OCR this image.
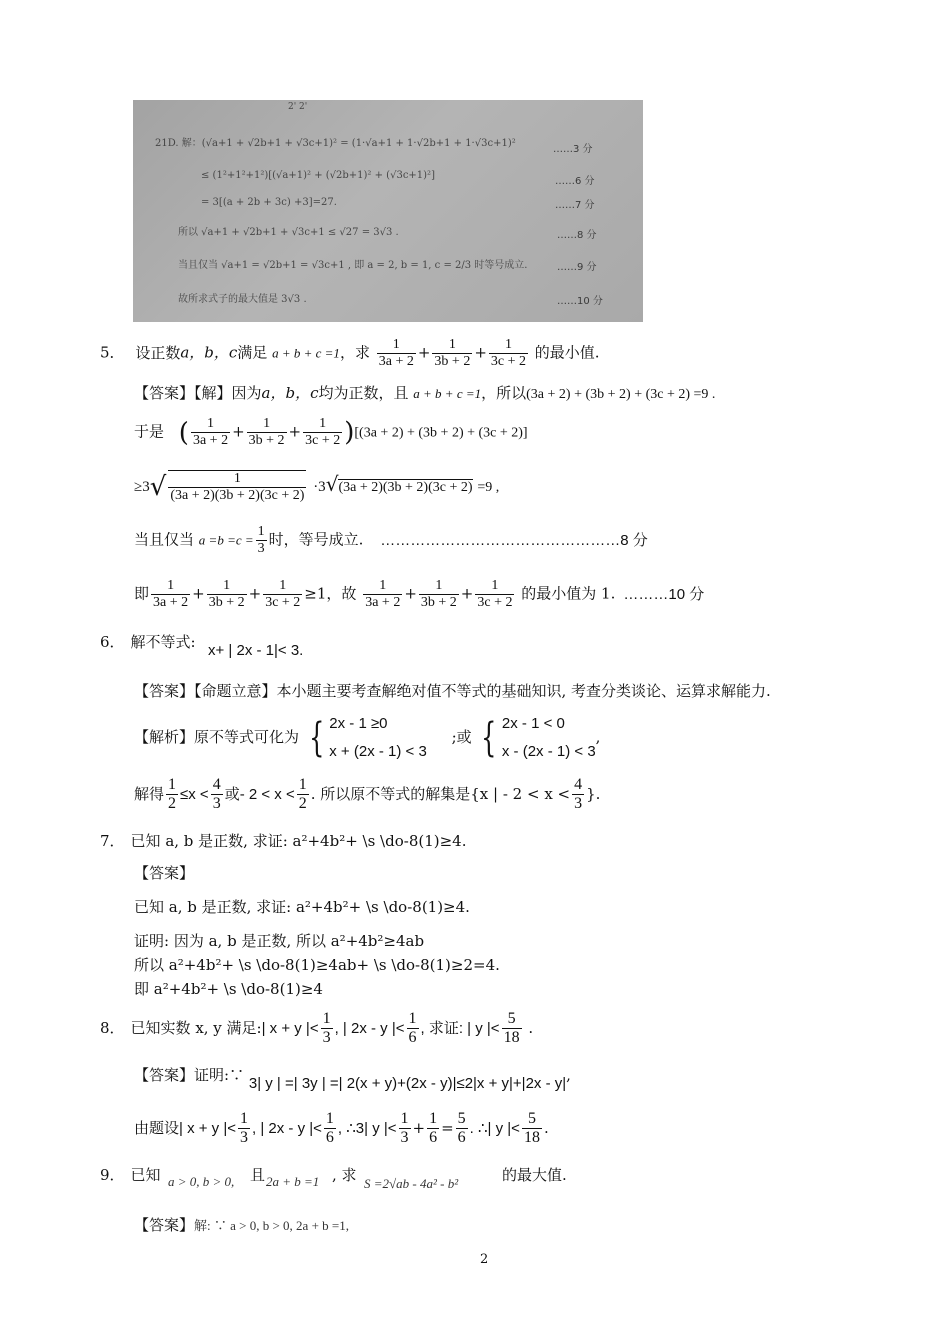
2' 2'
21D. 解：(√a+1 + √2b+1 + √3c+1)² = (1·√a+1 + 1·√2b+1 + 1·√3c+1)²
≤ (1²+1²+1²)[(√a+1)² + (√2b+1)² + (√3c+1)²]
= 3[(a + 2b + 3c) +3]=27.
所以 √a+1 + √2b+1 + √3c+1 ≤ √27 = 3√3 .
当且仅当 √a+1 = √2b+1 = √3c+1 , 即 a = 2, b = 1, c = 2/3 时等号成立.
故所求式子的最大值是 3√3 .
……3 分
……6 分
……7 分
……8 分
……9 分
……10 分
5． 设正数a，b，c满足 a + b + c =1，求 $\frac{1}{3a + 2} + \frac{1}{3b + 2} + \frac{1}{3c + 2}$ 的最小值.
【答案】【解】因为a，b，c均为正数，且 a + b + c =1，所以(3a + 2) + (3b + 2) + (3c + 2) =9 .
于是 ( $\frac{1}{3a + 2} + \frac{1}{3b + 2} + \frac{1}{3c + 2} )[(3a + 2) + (3b + 2) + (3c + 2)]$
$\ge 3√ \frac{1}{(3a + 2)(3b + 2)(3c + 2)} \cdot 3√(3a + 2)(3b + 2)(3c + 2) =9$ ,
当且仅当 $a =b =c = \frac{1}{3}$ 时，等号成立. …………………………………………8 分
即 $\frac{1}{3a + 2} + \frac{1}{3b + 2} + \frac{1}{3c + 2} \ge 1$，故 $\frac{1}{3a + 2} + \frac{1}{3b + 2} + \frac{1}{3c + 2}$ 的最小值为 1. ………10 分
6． 解不等式: x+ | 2x - 1|< 3.
【答案】【命题立意】本小题主要考查解绝对值不等式的基础知识, 考查分类谈论、运算求解能力.
【解析】原不等式可化为 { 2x - 1 ≥0
x + (2x - 1) < 3 ;或 { 2x - 1 < 0
x - (2x - 1) < 3,
解得 $\frac{1}{2} \le x < \frac{4}{3}$ 或- $2 < x < \frac{1}{2}$ . 所以原不等式的解集是{x | - $2 < x < \frac{4}{3}$ }.
7． 已知 a, b 是正数, 求证: a²+4b²+ \s \do-8(1)≥4.
【答案】
已知 a, b 是正数, 求证: a²+4b²+ \s \do-8(1)≥4.
证明: 因为 a, b 是正数, 所以 a²+4b²≥4ab
所以 a²+4b²+ \s \do-8(1)≥4ab+ \s \do-8(1)≥2=4.
即 a²+4b²+ \s \do-8(1)≥4
8． 已知实数 x, y 满足:| x + y |< $\frac{1}{3}$ , | 2x - y |< $\frac{1}{6}$ , 求证: | y |< $\frac{5}{18}$ .
【答案】证明:∵ 3| y | =| 3y | =| 2(x + y)+(2x - y)|≤2|x + y|+|2x - y|,
由题设| x + y |< $\frac{1}{3}$ , | 2x - y |< $\frac{1}{6}$ , ∴3| y |< $\frac{1}{3} + \frac{1}{6} = \frac{5}{6}$ . ∴| y |< $\frac{5}{18}$ .
9． 已知 a > 0, b > 0, 且 2a + b =1 , 求 S =2√ab - 4a² - b²	的最大值.
【答案】解: ∵ a > 0, b > 0, 2a + b =1,
2
